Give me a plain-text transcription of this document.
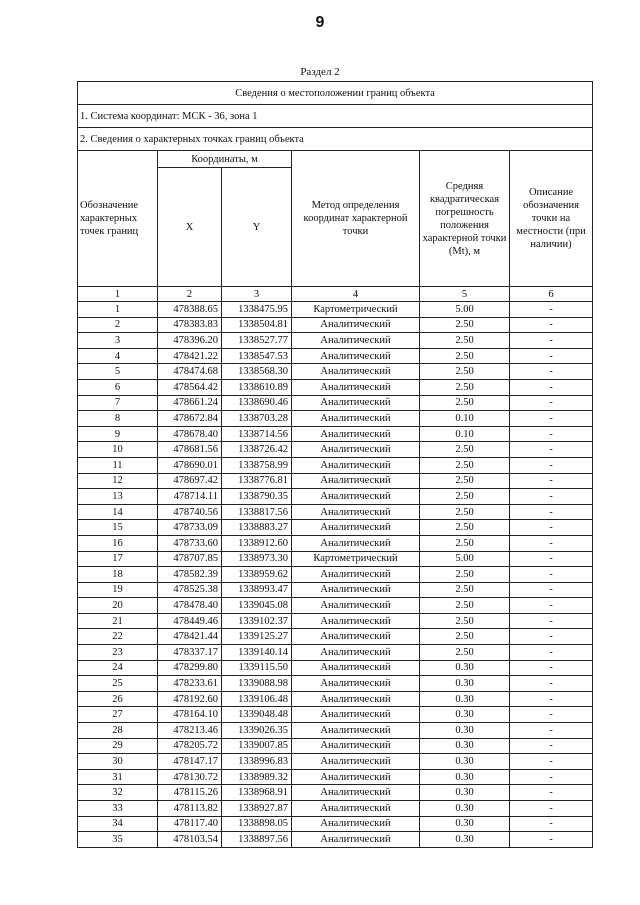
9
Раздел 2
Сведения о местоположении границ объекта					
1. Система координат: МСК - 36, зона 1					
2. Сведения о характерных точках границ объекта					
Обозначение характерных точек границ	Координаты, м		Метод определения координат характерной точки	Средняя квадратическая погрешность положения характерной точки (Mt), м	Описание обозначения точки на местности (при наличии)
	X	Y			
1	2	3	4	5	6
1	478388.65	1338475.95	Картометрический	5.00	-
2	478383.83	1338504.81	Аналитический	2.50	-
3	478396.20	1338527.77	Аналитический	2.50	-
4	478421.22	1338547.53	Аналитический	2.50	-
5	478474.68	1338568.30	Аналитический	2.50	-
6	478564.42	1338610.89	Аналитический	2.50	-
7	478661.24	1338690.46	Аналитический	2.50	-
8	478672.84	1338703.28	Аналитический	0.10	-
9	478678.40	1338714.56	Аналитический	0.10	-
10	478681.56	1338726.42	Аналитический	2.50	-
11	478690.01	1338758.99	Аналитический	2.50	-
12	478697.42	1338776.81	Аналитический	2.50	-
13	478714.11	1338790.35	Аналитический	2.50	-
14	478740.56	1338817.56	Аналитический	2.50	-
15	478733.09	1338883.27	Аналитический	2.50	-
16	478733.60	1338912.60	Аналитический	2.50	-
17	478707.85	1338973.30	Картометрический	5.00	-
18	478582.39	1338959.62	Аналитический	2.50	-
19	478525.38	1338993.47	Аналитический	2.50	-
20	478478.40	1339045.08	Аналитический	2.50	-
21	478449.46	1339102.37	Аналитический	2.50	-
22	478421.44	1339125.27	Аналитический	2.50	-
23	478337.17	1339140.14	Аналитический	2.50	-
24	478299.80	1339115.50	Аналитический	0.30	-
25	478233.61	1339088.98	Аналитический	0.30	-
26	478192.60	1339106.48	Аналитический	0.30	-
27	478164.10	1339048.48	Аналитический	0.30	-
28	478213.46	1339026.35	Аналитический	0.30	-
29	478205.72	1339007.85	Аналитический	0.30	-
30	478147.17	1338996.83	Аналитический	0.30	-
31	478130.72	1338989.32	Аналитический	0.30	-
32	478115.26	1338968.91	Аналитический	0.30	-
33	478113.82	1338927.87	Аналитический	0.30	-
34	478117.40	1338898.05	Аналитический	0.30	-
35	478103.54	1338897.56	Аналитический	0.30	-
